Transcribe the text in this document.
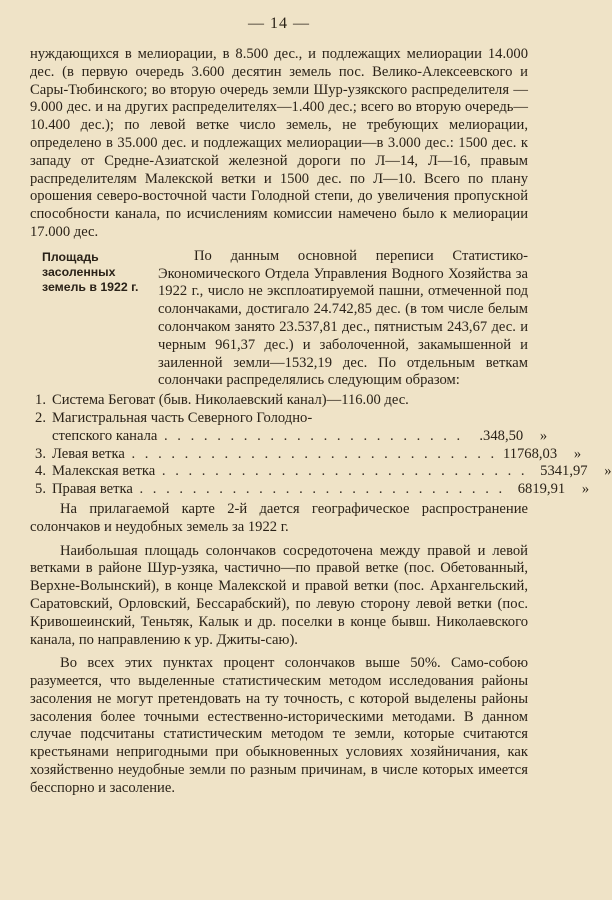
— 14 —

нуждающихся в мелиорации, в 8.500 дес., и подлежащих мелиорации 14.000 дес. (в первую очередь 3.600 десятин земель пос. Велико-Алексеевского и Сары-Тюбинского; во вторую очередь земли Шур-узякского распределителя —9.000 дес. и на других распределителях—1.400 дес.; всего во вторую очередь—10.400 дес.); по левой ветке число земель, не требующих мелиорации, определено в 35.000 дес. и подлежащих мелиорации—в 3.000 дес.: 1500 дес. к западу от Средне-Азиатской железной дороги по Л—14, Л—16, правым распределителям Малекской ветки и 1500 дес. по Л—10. Всего по плану орошения северо-восточной части Голодной степи, до увеличения пропускной способности канала, по исчислениям комиссии намечено было к мелиорации 17.000 дес.

Площадь засоленных земель в 1922 г.
По данным основной переписи Статистико-Экономического Отдела Управления Водного Хозяйства за 1922 г., число не эксплоатируемой пашни, отмеченной под солончаками, достигало 24.742,85 дес. (в том числе белым солончаком занято 23.537,81 дес., пятнистым 243,67 дес. и черным 961,37 дес.) и заболоченной, закамышенной и заиленной земли—1532,19 дес. По отдельным веткам солончаки распределялись следующим образом:
1. Система Беговат (быв. Николаевский канал)—116.00 дес.
2. Магистральная часть Северного Голодно-
степского канала . . . . . . . . . . . . . . . . . . . . . . .	.348,50	»
3. Левая ветка . . . . . . . . . . . . . . . . . . . . . . . . . . . . 11768,03	»
4. Малекская ветка . . . . . . . . . . . . . . . . . . . . . . . . . . . . 5341,97	»
5. Правая ветка . . . . . . . . . . . . . . . . . . . . . . . . . . . . 6819,91	»

На прилагаемой карте 2-й дается географическое распространение солончаков и неудобных земель за 1922 г.

Наибольшая площадь солончаков сосредоточена между правой и левой ветками в районе Шур-узяка, частично—по правой ветке (пос. Обетованный, Верхне-Волынский), в конце Малекской и правой ветки (пос. Архангельский, Саратовский, Орловский, Бессарабский), по левую сторону левой ветки (пос. Кривошеинский, Теньтяк, Калык и др. поселки в конце бывш. Николаевского канала, по направлению к ур. Джиты-саю).

Во всех этих пунктах процент солончаков выше 50%. Само-собою разумеется, что выделенные статистическим методом исследования районы засоления не могут претендовать на ту точность, с которой выделены районы засоления более точными естественно-историческими методами. В данном случае подсчитаны статистическим методом те земли, которые считаются крестьянами непригодными при обыкновенных условиях хозяйничания, как хозяйственно неудобные земли по разным причинам, в числе которых имеется бесспорно и засоление.
